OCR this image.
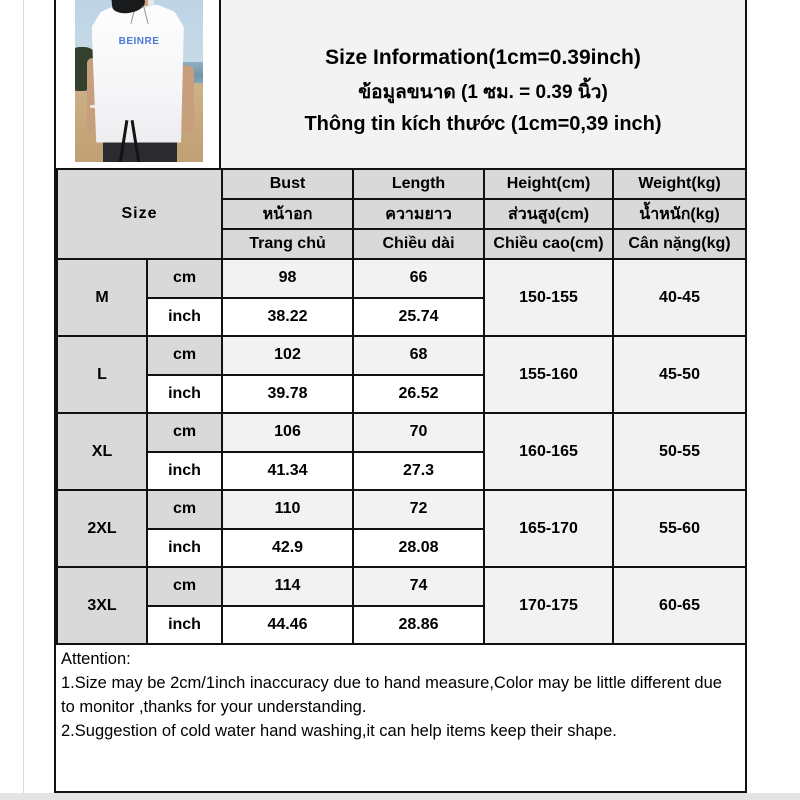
BEINRE
Size Information(1cm=0.39inch)
ข้อมูลขนาด (1 ซม. = 0.39 นิ้ว)
Thông tin kích thước (1cm=0,39 inch)
Size		Bust	Length	Height(cm)	Weight(kg)
		หน้าอก	ความยาว	ส่วนสูง(cm)	น้ำหนัก(kg)
		Trang chủ	Chiều dài	Chiều cao(cm)	Cân nặng(kg)
M	cm	98	66	150-155	40-45
	inch	38.22	25.74		
L	cm	102	68	155-160	45-50
	inch	39.78	26.52		
XL	cm	106	70	160-165	50-55
	inch	41.34	27.3		
2XL	cm	110	72	165-170	55-60
	inch	42.9	28.08		
3XL	cm	114	74	170-175	60-65
	inch	44.46	28.86		
Attention:
1.Size may be 2cm/1inch inaccuracy due to hand measure,Color may be little different due to monitor ,thanks for your understanding.
2.Suggestion of cold water hand washing,it can help items keep their shape.
